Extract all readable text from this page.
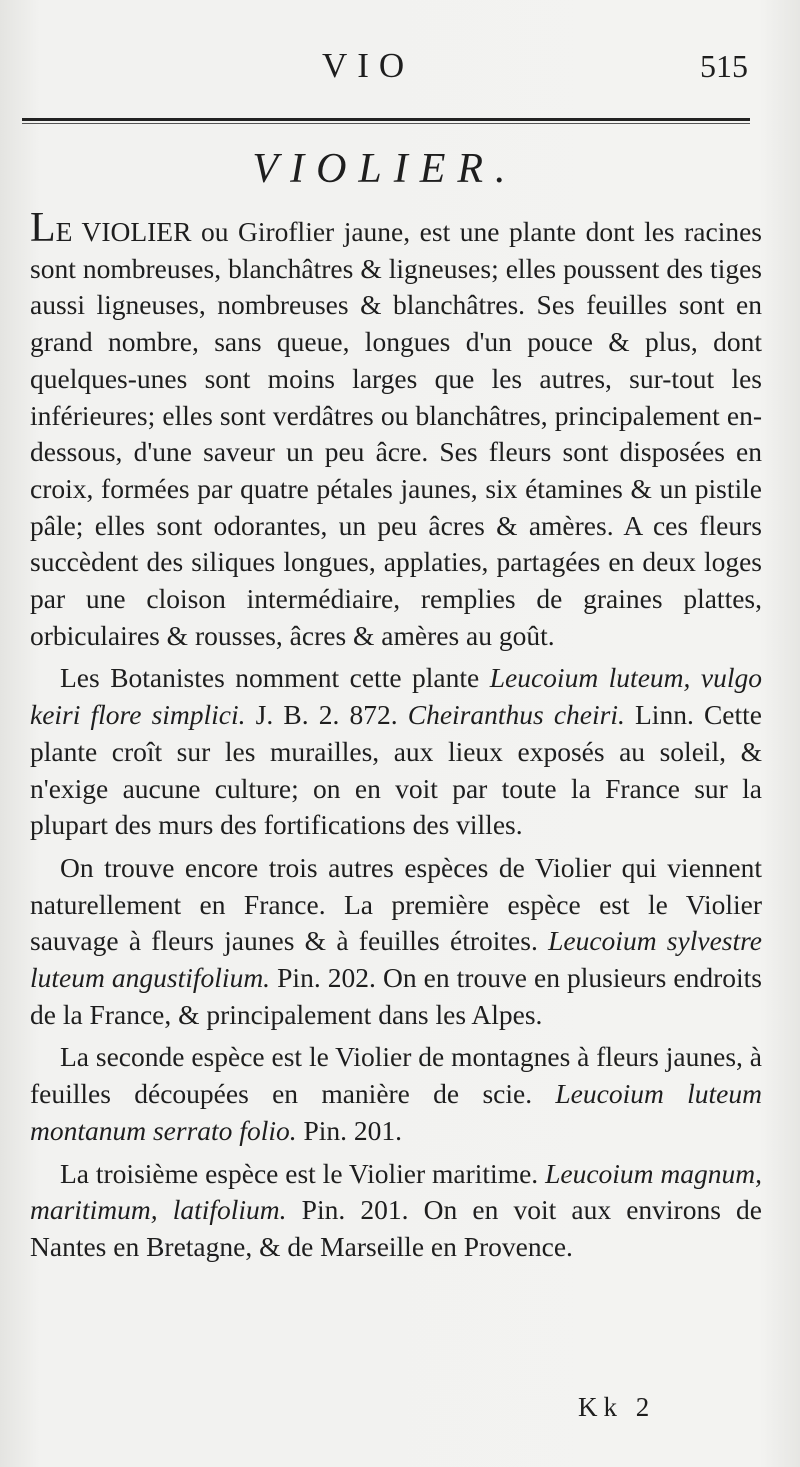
VIO	515
VIOLIER.

LE VIOLIER ou Giroflier jaune, est une plante dont les racines sont nombreuses, blanchâtres & ligneuses; elles poussent des tiges aussi ligneuses, nombreuses & blanchâtres. Ses feuilles sont en grand nombre, sans queue, longues d'un pouce & plus, dont quelques-unes sont moins larges que les autres, sur-tout les inférieures; elles sont verdâtres ou blanchâtres, principalement en-dessous, d'une saveur un peu âcre. Ses fleurs sont disposées en croix, formées par quatre pétales jaunes, six étamines & un pistile pâle; elles sont odorantes, un peu âcres & amères. A ces fleurs succèdent des siliques longues, applaties, partagées en deux loges par une cloison intermédiaire, remplies de graines plattes, orbiculaires & rousses, âcres & amères au goût.

Les Botanistes nomment cette plante Leucoium luteum, vulgo keiri flore simplici. J. B. 2. 872. Cheiranthus cheiri. Linn. Cette plante croît sur les murailles, aux lieux exposés au soleil, & n'exige aucune culture; on en voit par toute la France sur la plupart des murs des fortifications des villes.

On trouve encore trois autres espèces de Violier qui viennent naturellement en France. La première espèce est le Violier sauvage à fleurs jaunes & à feuilles étroites. Leucoium sylvestre luteum angustifolium. Pin. 202. On en trouve en plusieurs endroits de la France, & principalement dans les Alpes.

La seconde espèce est le Violier de montagnes à fleurs jaunes, à feuilles découpées en manière de scie. Leucoium luteum montanum serrato folio. Pin. 201.

La troisième espèce est le Violier maritime. Leucoium magnum, maritimum, latifolium. Pin. 201. On en voit aux environs de Nantes en Bretagne, & de Marseille en Provence.

Kk 2
